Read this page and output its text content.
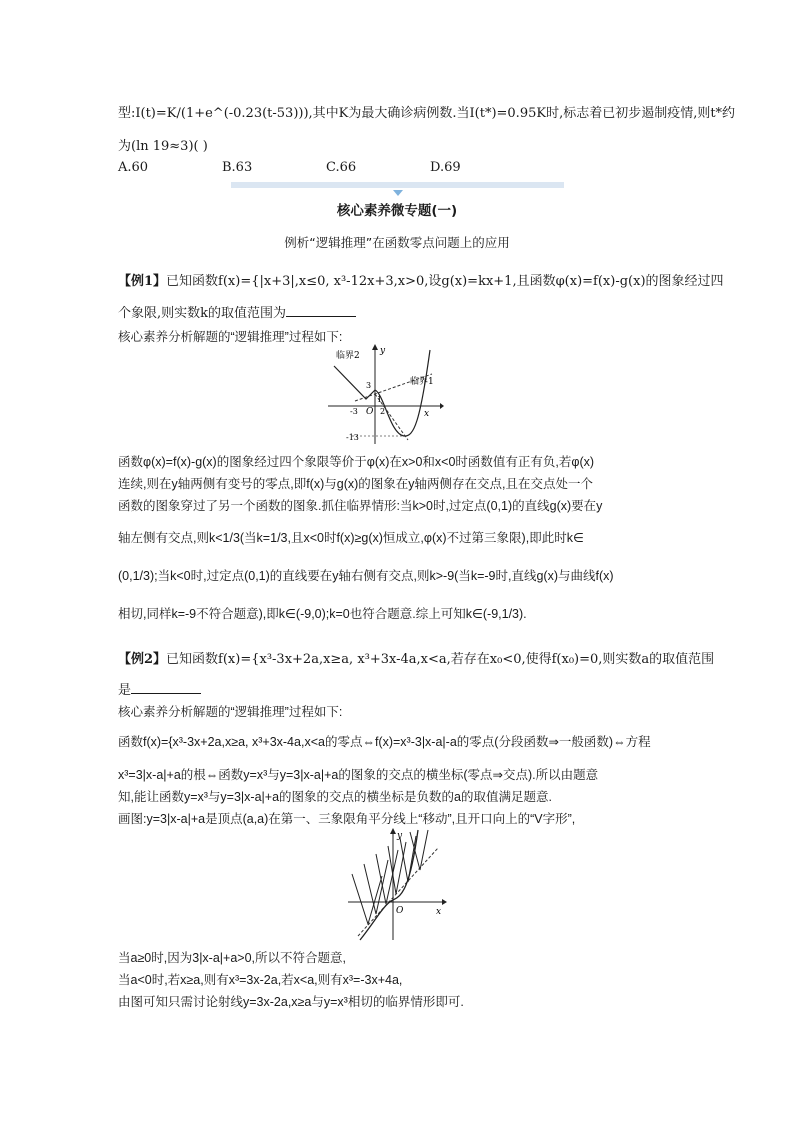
型:I(t)=K/(1+e^(-0.23(t-53))),其中K为最大确诊病例数.当I(t*)=0.95K时,标志着已初步遏制疫情,则t*约
为(ln 19≈3)( )
A.60	B.63	C.66	D.69
核心素养微专题(一)
例析“逻辑推理”在函数零点问题上的应用
【例1】已知函数f(x)={|x+3|,x≤0, x³-12x+3,x>0,设g(x)=kx+1,且函数φ(x)=f(x)-g(x)的图象经过四
个象限,则实数k的取值范围为
核心素养分析解题的“逻辑推理”过程如下:
临界2
临界1
y
x
O
3
-3
1
2
-13
函数φ(x)=f(x)-g(x)的图象经过四个象限等价于φ(x)在x>0和x<0时函数值有正有负,若φ(x)
连续,则在y轴两侧有变号的零点,即f(x)与g(x)的图象在y轴两侧存在交点,且在交点处一个
函数的图象穿过了另一个函数的图象.抓住临界情形:当k>0时,过定点(0,1)的直线g(x)要在y
轴左侧有交点,则k<1/3(当k=1/3,且x<0时f(x)≥g(x)恒成立,φ(x)不过第三象限),即此时k∈
(0,1/3);当k<0时,过定点(0,1)的直线要在y轴右侧有交点,则k>-9(当k=-9时,直线g(x)与曲线f(x)
相切,同样k=-9不符合题意),即k∈(-9,0);k=0也符合题意.综上可知k∈(-9,1/3).
【例2】已知函数f(x)={x³-3x+2a,x≥a, x³+3x-4a,x<a,若存在x₀<0,使得f(x₀)=0,则实数a的取值范围
是
核心素养分析解题的“逻辑推理”过程如下:
函数f(x)={x³-3x+2a,x≥a, x³+3x-4a,x<a的零点⇔f(x)=x³-3|x-a|-a的零点(分段函数⇒一般函数)⇔方程
x³=3|x-a|+a的根⇔函数y=x³与y=3|x-a|+a的图象的交点的横坐标(零点⇒交点).所以由题意
知,能让函数y=x³与y=3|x-a|+a的图象的交点的横坐标是负数的a的取值满足题意.
画图:y=3|x-a|+a是顶点(a,a)在第一、三象限角平分线上“移动”,且开口向上的“V字形”,
y
x
O
当a≥0时,因为3|x-a|+a>0,所以不符合题意,
当a<0时,若x≥a,则有x³=3x-2a,若x<a,则有x³=-3x+4a,
由图可知只需讨论射线y=3x-2a,x≥a与y=x³相切的临界情形即可.
